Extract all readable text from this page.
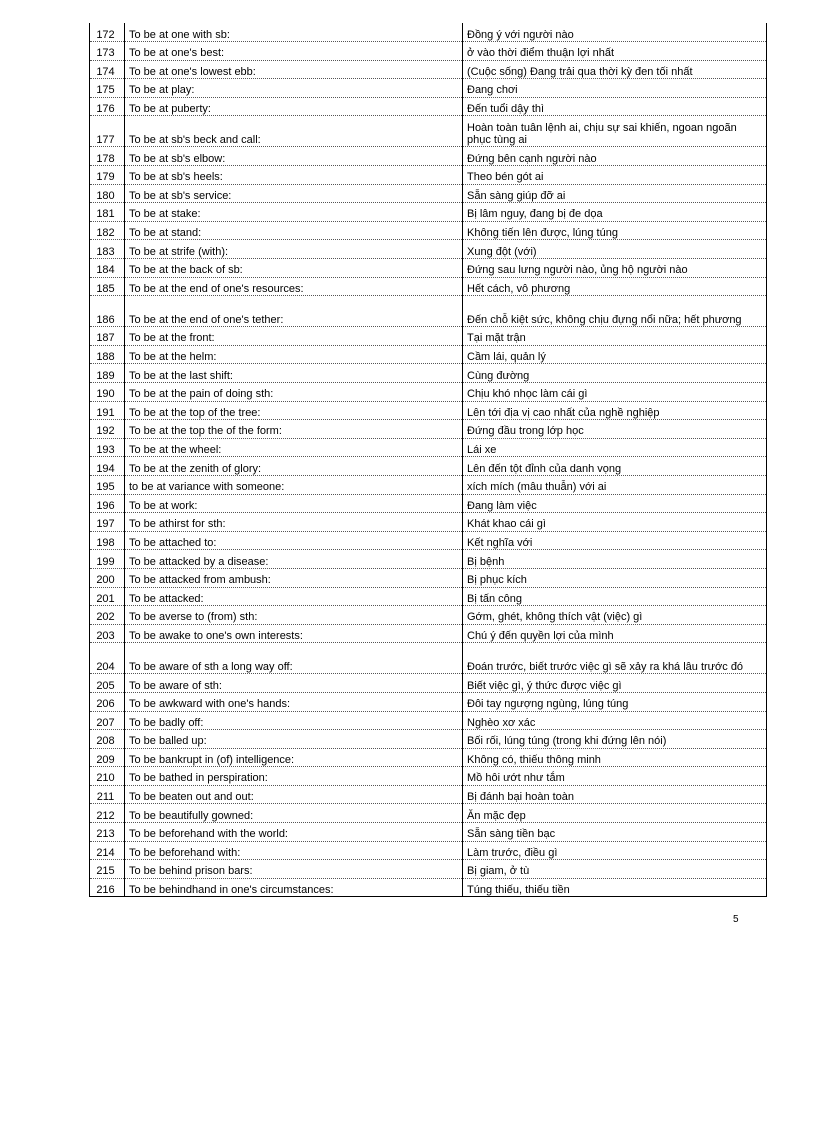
172	To be at one with sb:	Đồng ý với người nào
173	To be at one's best:	ở vào thời điểm thuận lợi nhất
174	To be at one's lowest ebb:	(Cuộc sống) Đang trải qua thời kỳ đen tối nhất
175	To be at play:	Đang chơi
176	To be at puberty:	Đến tuổi dậy thì
177	To be at sb's beck and call:	Hoàn toàn tuân lệnh ai, chịu sự sai khiến, ngoan ngoãn phục tùng ai
178	To be at sb's elbow:	Đứng bên cạnh người nào
179	To be at sb's heels:	Theo bén gót ai
180	To be at sb's service:	Sẵn sàng giúp đỡ ai
181	To be at stake:	Bị lâm nguy, đang bị đe dọa
182	To be at stand:	Không tiến lên được, lúng túng
183	To be at strife (with):	Xung đột (với)
184	To be at the back of sb:	Đứng sau lưng người nào, ủng hộ người nào
185	To be at the end of one's resources:	Hết cách, vô phương
186	To be at the end of one's tether:	Đến chỗ kiệt sức, không chịu đựng nổi nữa; hết phương
187	To be at the front:	Tại mặt trận
188	To be at the helm:	Cầm lái, quản lý
189	To be at the last shift:	Cùng đường
190	To be at the pain of doing sth:	Chịu khó nhọc làm cái gì
191	To be at the top of the tree:	Lên tới địa vị cao nhất của nghề nghiệp
192	To be at the top the of the form:	Đứng đầu trong lớp học
193	To be at the wheel:	Lái xe
194	To be at the zenith of glory:	Lên đến tột đỉnh của danh vọng
195	to be at variance with someone:	xích mích (mâu thuẫn) với ai
196	To be at work:	Đang làm việc
197	To be athirst for sth:	Khát khao cái gì
198	To be attached to:	Kết nghĩa với
199	To be attacked by a disease:	Bị bệnh
200	To be attacked from ambush:	Bị phục kích
201	To be attacked:	Bị tấn công
202	To be averse to (from) sth:	Gớm, ghét, không thích vật (việc) gì
203	To be awake to one's own interests:	Chú ý đến quyền lợi của mình
204	To be aware of sth a long way off:	Đoán trước, biết trước việc gì sẽ xảy ra khá lâu trước đó
205	To be aware of sth:	Biết việc gì, ý thức được việc gì
206	To be awkward with one's hands:	Đôi tay ngượng ngùng, lúng túng
207	To be badly off:	Nghèo xơ xác
208	To be balled up:	Bối rối, lúng túng (trong khi đứng lên nói)
209	To be bankrupt in (of) intelligence:	Không có, thiếu thông minh
210	To be bathed in perspiration:	Mồ hôi ướt như tắm
211	To be beaten out and out:	Bị đánh bại hoàn toàn
212	To be beautifully gowned:	Ăn mặc đẹp
213	To be beforehand with the world:	Sẵn sàng tiền bạc
214	To be beforehand with:	Làm trước, điều gì
215	To be behind prison bars:	Bị giam, ở tù
216	To be behindhand in one's circumstances:	Túng thiếu, thiếu tiền
5
